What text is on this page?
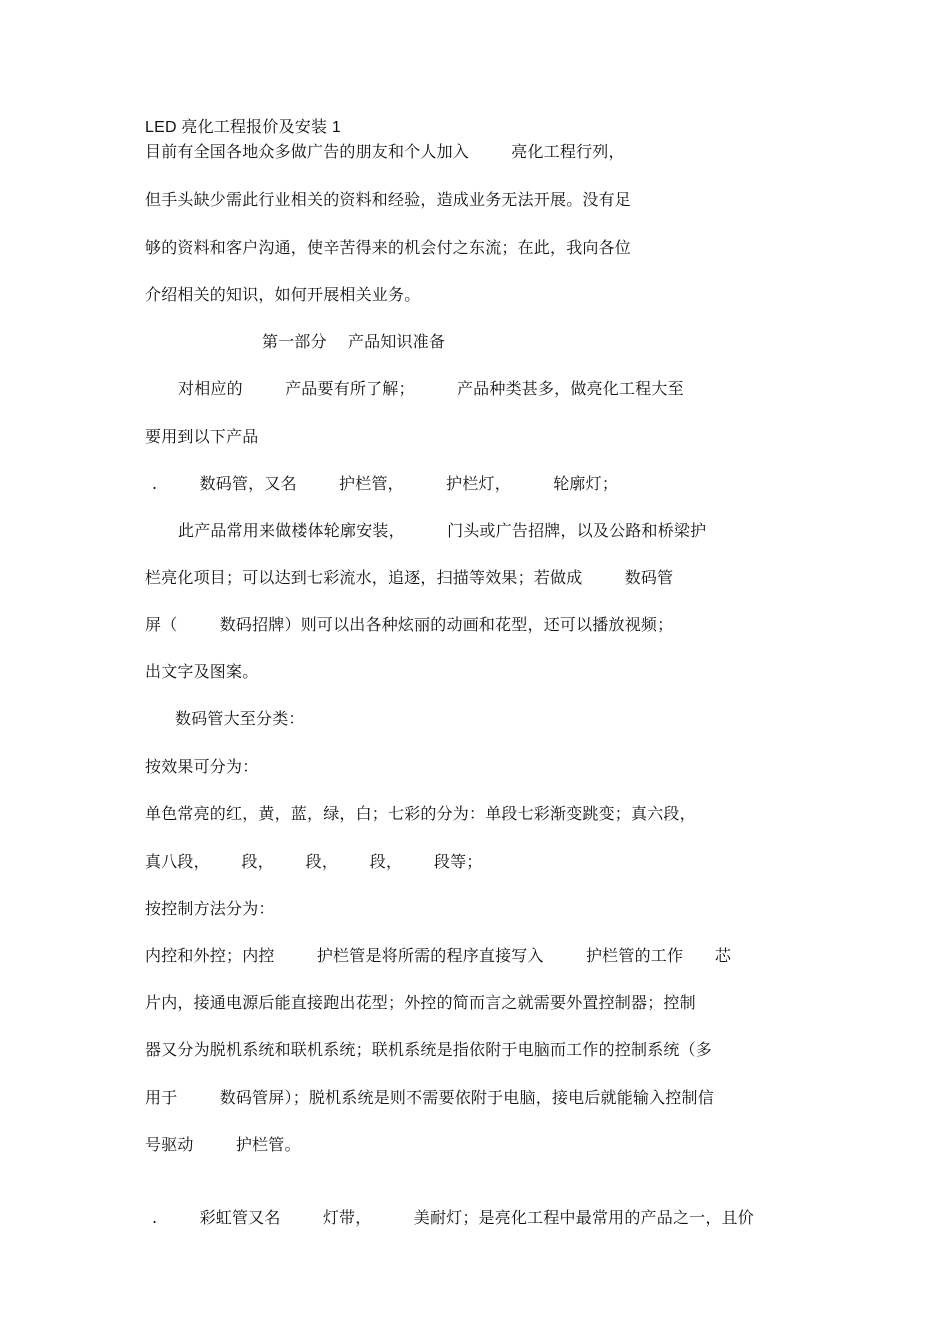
LED 亮化工程报价及安装 1

目前有全国各地众多做广告的朋友和个人加入        亮化工程行列，

但手头缺少需此行业相关的资料和经验，造成业务无法开展。没有足

够的资料和客户沟通，使辛苦得来的机会付之东流；在此，我向各位

介绍相关的知识，如何开展相关业务。

第一部分    产品知识准备

对相应的        产品要有所了解；        产品种类甚多，做亮化工程大至

要用到以下产品

.        数码管，又名        护栏管，        护栏灯，        轮廓灯；

此产品常用来做楼体轮廓安装，        门头或广告招牌，以及公路和桥梁护

栏亮化项目；可以达到七彩流水，追逐，扫描等效果；若做成        数码管

屏（        数码招牌）则可以出各种炫丽的动画和花型，还可以播放视频；

出文字及图案。

数码管大至分类：

按效果可分为：

单色常亮的红，黄，蓝，绿，白；七彩的分为：单段七彩渐变跳变；真六段，

真八段，      段，      段，      段，      段等；

按控制方法分为：

内控和外控；内控        护栏管是将所需的程序直接写入        护栏管的工作      芯

片内，接通电源后能直接跑出花型；外控的简而言之就需要外置控制器；控制

器又分为脱机系统和联机系统；联机系统是指依附于电脑而工作的控制系统（多

用于        数码管屏）；脱机系统是则不需要依附于电脑，接电后就能输入控制信

号驱动        护栏管。

.        彩虹管又名        灯带，        美耐灯；是亮化工程中最常用的产品之一，且价
